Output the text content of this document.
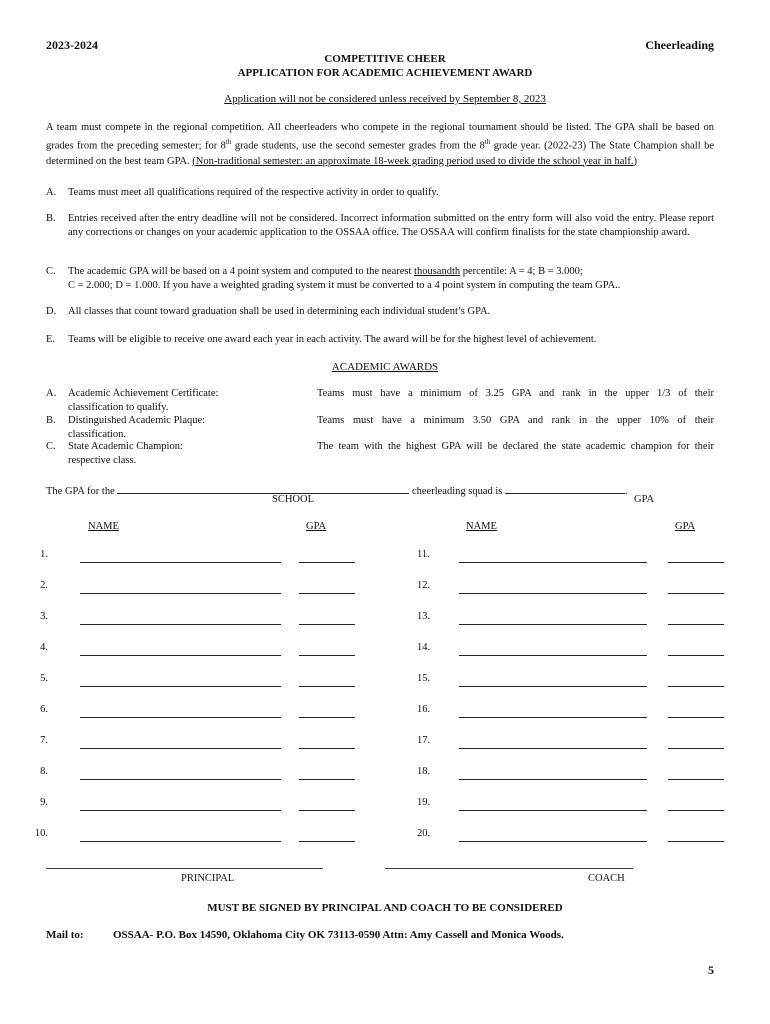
2023-2024	Cheerleading
COMPETITIVE CHEER
APPLICATION FOR ACADEMIC ACHIEVEMENT AWARD
Application will not be considered unless received by September 8, 2023
A team must compete in the regional competition. All cheerleaders who compete in the regional tournament should be listed. The GPA shall be based on grades from the preceding semester; for 8th grade students, use the second semester grades from the 8th grade year. (2022-23) The State Champion shall be determined on the best team GPA. (Non-traditional semester: an approximate 18-week grading period used to divide the school year in half.)
A.	Teams must meet all qualifications required of the respective activity in order to qualify.
B.	Entries received after the entry deadline will not be considered. Incorrect information submitted on the entry form will also void the entry. Please report any corrections or changes on your academic application to the OSSAA office. The OSSAA will confirm finalists for the state championship award.
C.	The academic GPA will be based on a 4 point system and computed to the nearest thousandth percentile: A = 4; B = 3.000;
C = 2.000; D = 1.000. If you have a weighted grading system it must be converted to a 4 point system in computing the team GPA..
D.	All classes that count toward graduation shall be used in determining each individual student’s GPA.
E.	Teams will be eligible to receive one award each year in each activity. The award will be for the highest level of achievement.
ACADEMIC AWARDS
A.	Academic Achievement Certificate:
classification to qualify.
Teams must have a minimum of 3.25 GPA and rank in the upper 1/3 of their
B.	Distinguished Academic Plaque:
classification.
Teams must have a minimum 3.50 GPA and rank in the upper 10% of their
C.	State Academic Champion:
respective class.
The team with the highest GPA will be declared the state academic champion for their
The GPA for the	cheerleading squad is	.
SCHOOL	GPA
NAME	GPA	NAME	GPA
1.	11.
2.	12.
3.	13.
4.	14.
5.	15.
6.	16.
7.	17.
8.	18.
9.	19.
10.	20.
PRINCIPAL	COACH
MUST BE SIGNED BY PRINCIPAL AND COACH TO BE CONSIDERED
Mail to:	OSSAA- P.O. Box 14590, Oklahoma City OK 73113-0590 Attn: Amy Cassell and Monica Woods.
5
